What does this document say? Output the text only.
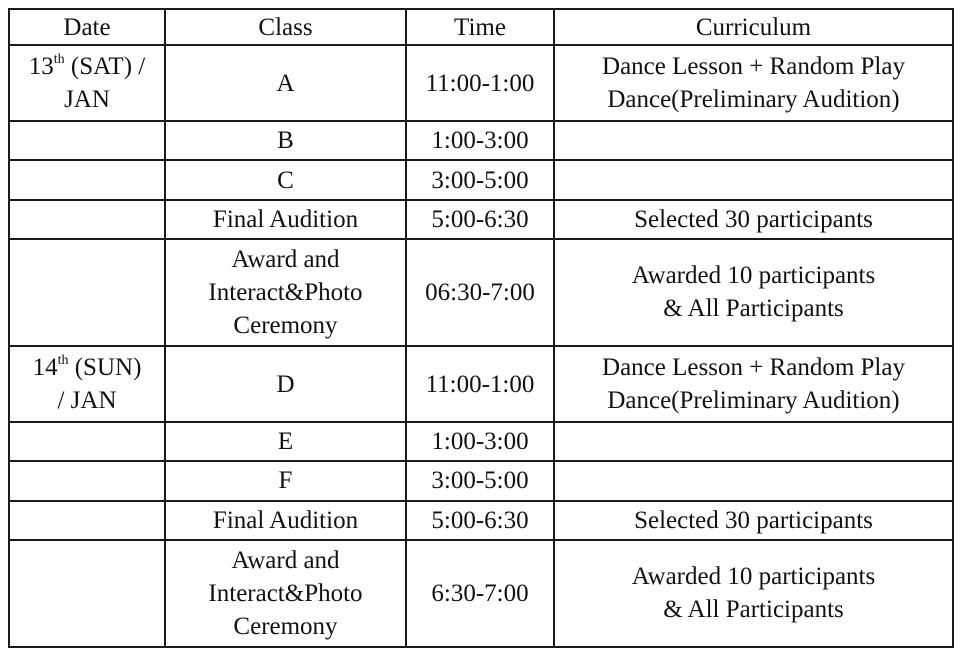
Date	Class	Time	Curriculum

13th (SAT) /
JAN	A	11:00-1:00	Dance Lesson + Random Play
Dance(Preliminary Audition)

	B	1:00-3:00	

	C	3:00-5:00	

	Final Audition	5:00-6:30	Selected 30 participants

	Award and
Interact&Photo
Ceremony	06:30-7:00	Awarded 10 participants
& All Participants

14th (SUN)
/ JAN	D	11:00-1:00	Dance Lesson + Random Play
Dance(Preliminary Audition)

	E	1:00-3:00	

	F	3:00-5:00	

	Final Audition	5:00-6:30	Selected 30 participants

	Award and
Interact&Photo
Ceremony	6:30-7:00	Awarded 10 participants
& All Participants
